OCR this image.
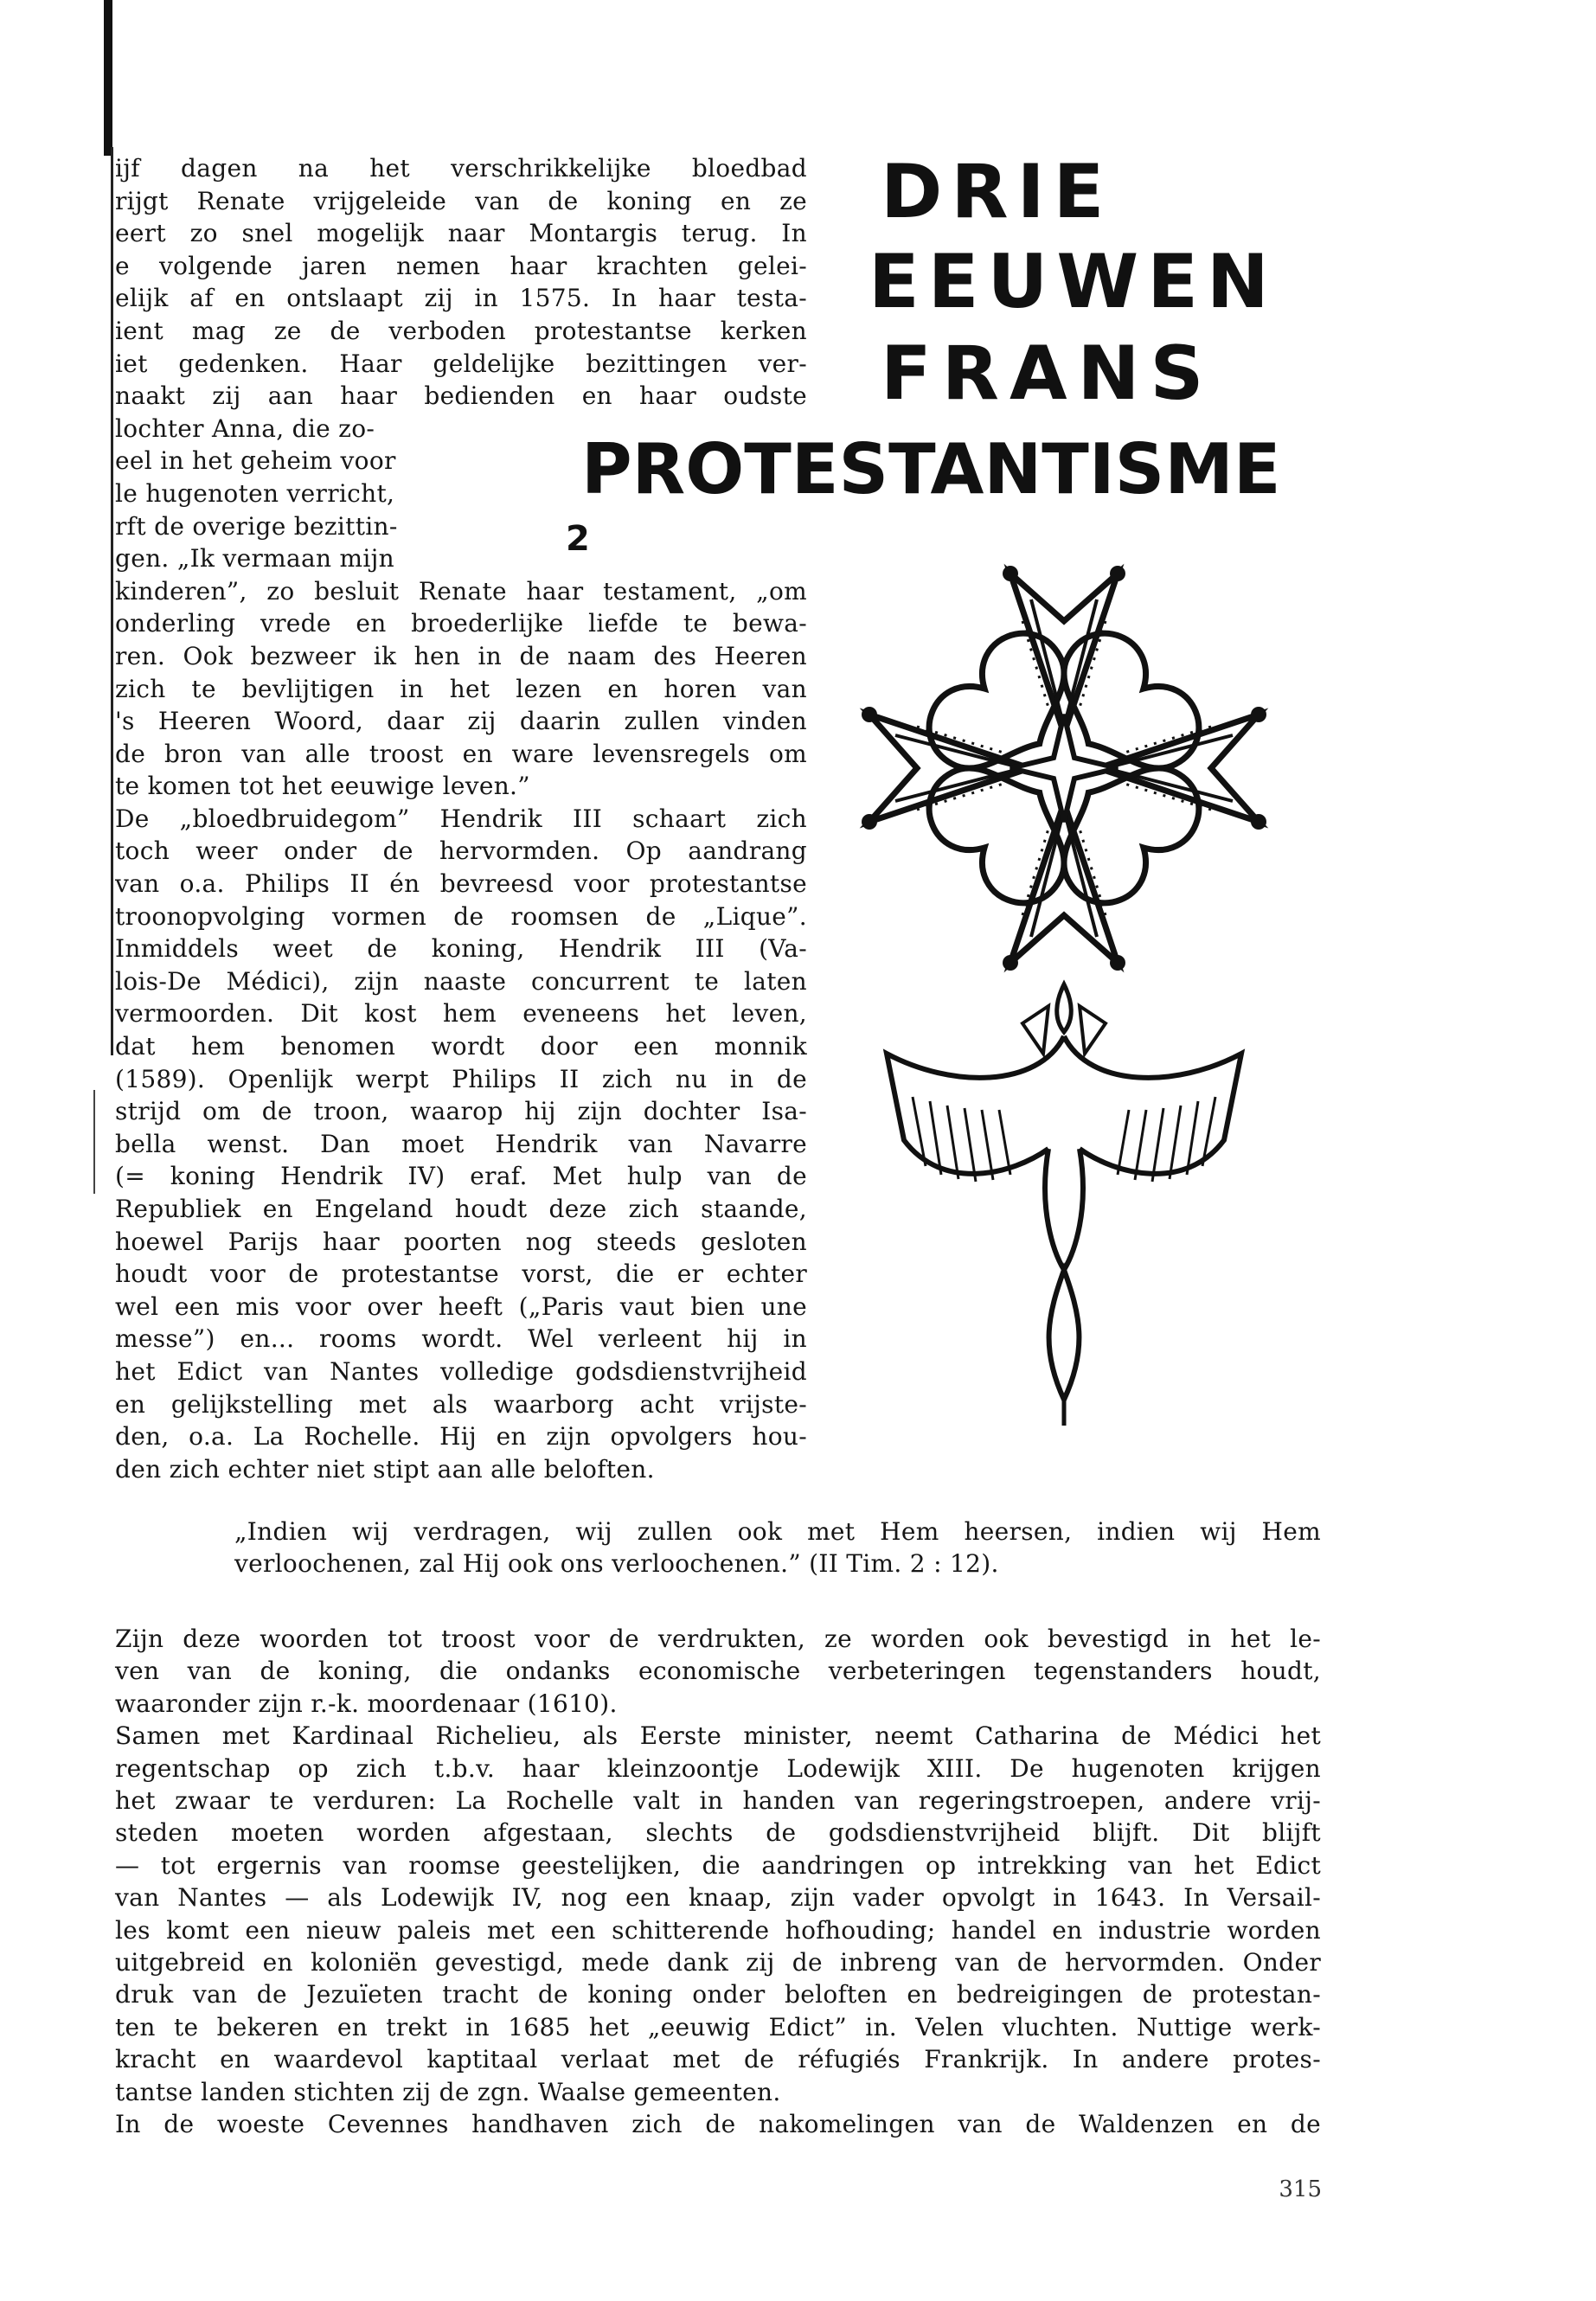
DRIE
EEUWEN
FRANS
PROTESTANTISME
2
ijf dagen na het verschrikkelijke bloedbad
rijgt Renate vrijgeleide van de koning en ze
eert zo snel mogelijk naar Montargis terug. In
e volgende jaren nemen haar krachten gelei-
elijk af en ontslaapt zij in 1575. In haar testa-
ient mag ze de verboden protestantse kerken
iet gedenken. Haar geldelijke bezittingen ver-
naakt zij aan haar bedienden en haar oudste
lochter Anna, die zo-
eel in het geheim voor
le hugenoten verricht,
rft de overige bezittin-
gen. „Ik vermaan mijn
kinderen”, zo besluit Renate haar testament, „om
onderling vrede en broederlijke liefde te bewa-
ren. Ook bezweer ik hen in de naam des Heeren
zich te bevlijtigen in het lezen en horen van
's Heeren Woord, daar zij daarin zullen vinden
de bron van alle troost en ware levensregels om
te komen tot het eeuwige leven.”
De „bloedbruidegom” Hendrik III schaart zich
toch weer onder de hervormden. Op aandrang
van o.a. Philips II én bevreesd voor protestantse
troonopvolging vormen de roomsen de „Lique”.
Inmiddels weet de koning, Hendrik III (Va-
lois-De Médici), zijn naaste concurrent te laten
vermoorden. Dit kost hem eveneens het leven,
dat hem benomen wordt door een monnik
(1589). Openlijk werpt Philips II zich nu in de
strijd om de troon, waarop hij zijn dochter Isa-
bella wenst. Dan moet Hendrik van Navarre
(= koning Hendrik IV) eraf. Met hulp van de
Republiek en Engeland houdt deze zich staande,
hoewel Parijs haar poorten nog steeds gesloten
houdt voor de protestantse vorst, die er echter
wel een mis voor over heeft („Paris vaut bien une
messe”) en... rooms wordt. Wel verleent hij in
het Edict van Nantes volledige godsdienstvrijheid
en gelijkstelling met als waarborg acht vrijste-
den, o.a. La Rochelle. Hij en zijn opvolgers hou-
den zich echter niet stipt aan alle beloften.
„Indien wij verdragen, wij zullen ook met Hem heersen, indien wij Hem
verloochenen, zal Hij ook ons verloochenen.” (II Tim. 2 : 12).
Zijn deze woorden tot troost voor de verdrukten, ze worden ook bevestigd in het le-
ven van de koning, die ondanks economische verbeteringen tegenstanders houdt,
waaronder zijn r.-k. moordenaar (1610).
Samen met Kardinaal Richelieu, als Eerste minister, neemt Catharina de Médici het
regentschap op zich t.b.v. haar kleinzoontje Lodewijk XIII. De hugenoten krijgen
het zwaar te verduren: La Rochelle valt in handen van regeringstroepen, andere vrij-
steden moeten worden afgestaan, slechts de godsdienstvrijheid blijft. Dit blijft
— tot ergernis van roomse geestelijken, die aandringen op intrekking van het Edict
van Nantes — als Lodewijk IV, nog een knaap, zijn vader opvolgt in 1643. In Versail-
les komt een nieuw paleis met een schitterende hofhouding; handel en industrie worden
uitgebreid en koloniën gevestigd, mede dank zij de inbreng van de hervormden. Onder
druk van de Jezuïeten tracht de koning onder beloften en bedreigingen de protestan-
ten te bekeren en trekt in 1685 het „eeuwig Edict” in. Velen vluchten. Nuttige werk-
kracht en waardevol kaptitaal verlaat met de réfugiés Frankrijk. In andere protes-
tantse landen stichten zij de zgn. Waalse gemeenten.
In de woeste Cevennes handhaven zich de nakomelingen van de Waldenzen en de
315
